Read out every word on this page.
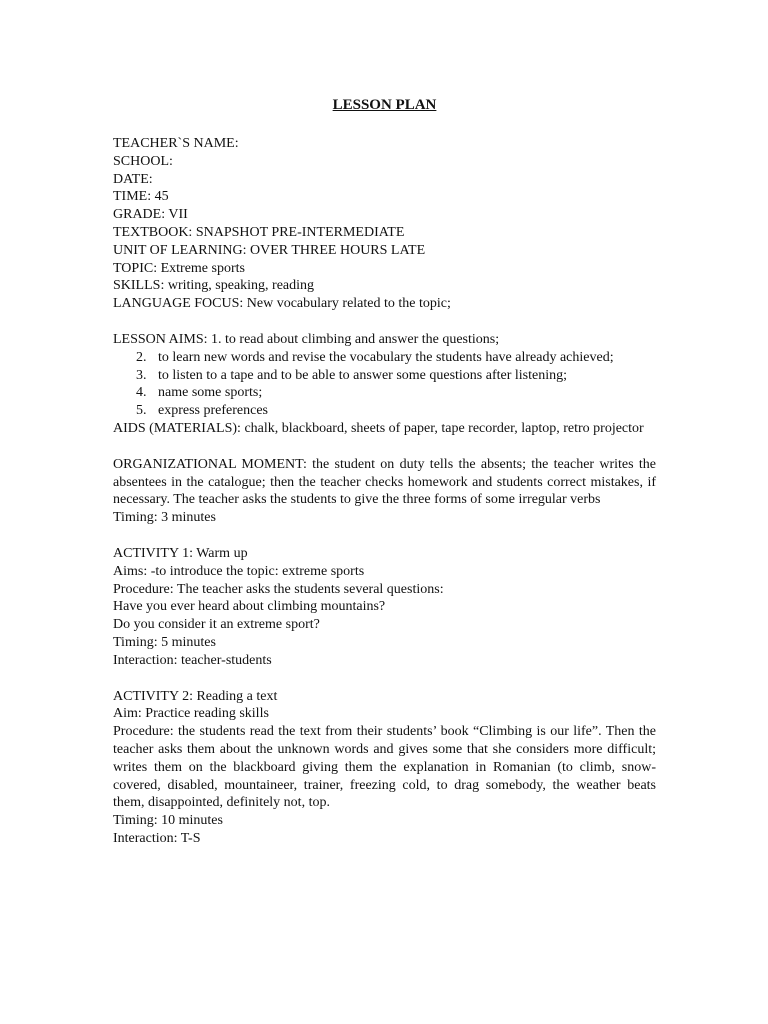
LESSON PLAN

TEACHER`S NAME:

SCHOOL:

DATE:

TIME: 45

GRADE: VII

TEXTBOOK: SNAPSHOT PRE-INTERMEDIATE

UNIT OF LEARNING: OVER THREE HOURS LATE

TOPIC: Extreme sports

SKILLS: writing, speaking, reading

LANGUAGE FOCUS: New vocabulary related to the topic;

LESSON AIMS: 1. to read about climbing and answer the questions;

2. to learn new words and revise the vocabulary the students have already achieved;
3. to listen to a tape and to be able to answer some questions after listening;
4. name some sports;
5. express preferences

AIDS (MATERIALS): chalk, blackboard, sheets of paper, tape recorder, laptop, retro projector

ORGANIZATIONAL MOMENT: the student on duty tells the absents; the teacher writes the absentees in the catalogue; then the teacher checks homework and students correct mistakes, if necessary. The teacher asks the students to give the three forms of some irregular verbs

Timing: 3 minutes

ACTIVITY 1: Warm up

Aims: -to introduce the topic: extreme sports

Procedure: The teacher asks the students several questions:

Have you ever heard about climbing mountains?

Do you consider it an extreme sport?

Timing: 5 minutes

Interaction: teacher-students

ACTIVITY 2: Reading a text

Aim: Practice reading skills

Procedure: the students read the text from their students’ book “Climbing is our life”. Then the teacher asks them about the unknown words and gives some that she considers more difficult; writes them on the blackboard giving them the explanation in Romanian (to climb, snow-covered, disabled, mountaineer, trainer, freezing cold, to drag somebody, the weather beats them, disappointed, definitely not, top.

Timing: 10 minutes

Interaction: T-S
